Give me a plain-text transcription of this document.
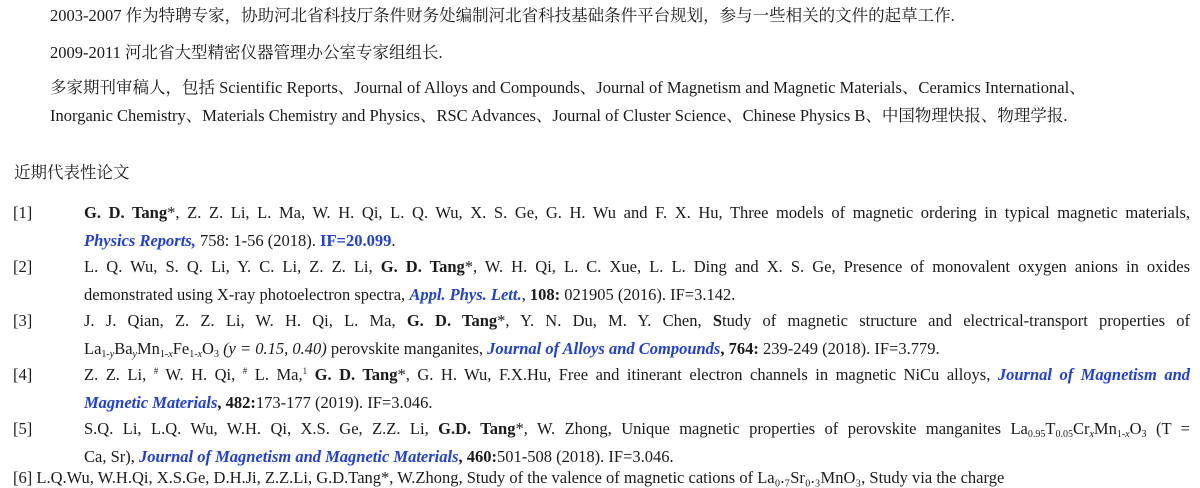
2003-2007 作为特聘专家，协助河北省科技厅条件财务处编制河北省科技基础条件平台规划，参与一些相关的文件的起草工作.
2009-2011 河北省大型精密仪器管理办公室专家组组长.
多家期刊审稿人，包括 Scientific Reports、Journal of Alloys and Compounds、Journal of Magnetism and Magnetic Materials、Ceramics International、
Inorganic Chemistry、Materials Chemistry and Physics、RSC Advances、Journal of Cluster Science、Chinese Physics B、中国物理快报、物理学报.
近期代表性论文
[1]	G. D. Tang*, Z. Z. Li, L. Ma, W. H. Qi, L. Q. Wu, X. S. Ge, G. H. Wu and F. X. Hu, Three models of magnetic ordering in typical magnetic materials,
Physics Reports, 758: 1-56 (2018). IF=20.099.
[2]	L. Q. Wu, S. Q. Li, Y. C. Li, Z. Z. Li, G. D. Tang*, W. H. Qi, L. C. Xue, L. L. Ding and X. S. Ge, Presence of monovalent oxygen anions in oxides
demonstrated using X-ray photoelectron spectra, Appl. Phys. Lett., 108: 021905 (2016). IF=3.142.
[3]	J. J. Qian, Z. Z. Li, W. H. Qi, L. Ma, G. D. Tang*, Y. N. Du, M. Y. Chen, Study of magnetic structure and electrical-transport properties of
$La_{1-y}Ba_yMn_{1-x}Fe_{1-x}O_3$ (y = 0.15, 0.40) perovskite manganites, Journal of Alloys and Compounds, 764: 239-249 (2018). IF=3.779.
[4]	Z. Z. Li, # W. H. Qi, # L. Ma,$^1$ G. D. Tang*, G. H. Wu, F.X.Hu, Free and itinerant electron channels in magnetic NiCu alloys, Journal of Magnetism and
Magnetic Materials, 482:173-177 (2019). IF=3.046.
[5]	S.Q. Li, L.Q. Wu, W.H. Qi, X.S. Ge, Z.Z. Li, G.D. Tang*, W. Zhong, Unique magnetic properties of perovskite manganites $La_{0.95}T_{0.05}Cr_xMn_{1-x}O_3$ (T =
Ca, Sr), Journal of Magnetism and Magnetic Materials, 460:501-508 (2018). IF=3.046.
[6] L.Q.Wu, W.H.Qi, X.S.Ge, D.H.Ji, Z.Z.Li, G.D.Tang*, W.Zhong, Study of the valence of magnetic cations of La₀.₇Sr₀.₃MnO₃, Study via the charge
